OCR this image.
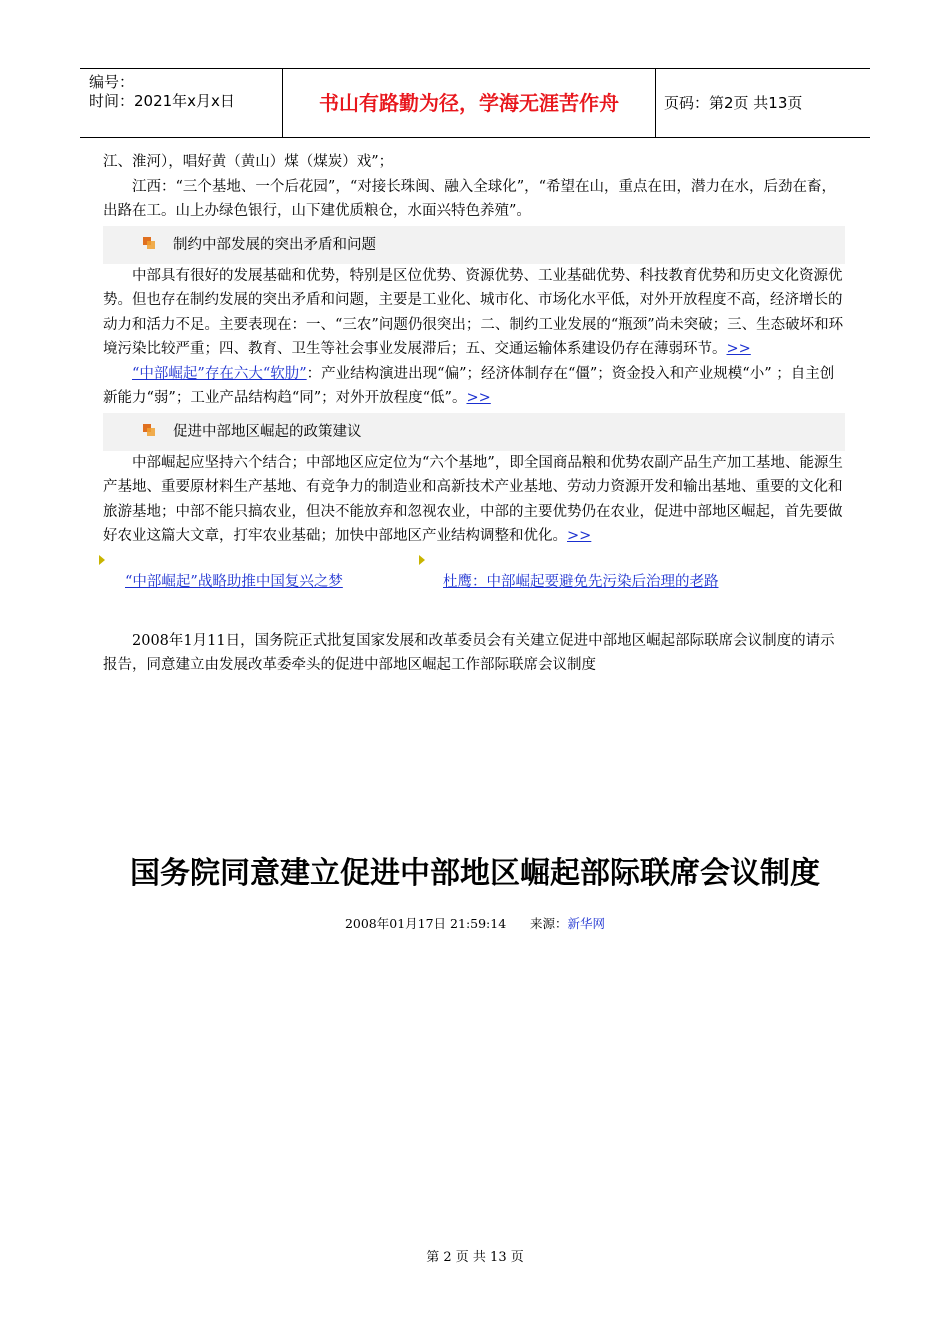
编号：
时间：2021年x月x日	书山有路勤为径，学海无涯苦作舟	页码：第2页 共13页

江、淮河），唱好黄（黄山）煤（煤炭）戏”；

江西：“三个基地、一个后花园”，“对接长珠闽、融入全球化”，“希望在山，重点在田，潜力在水，后劲在畜，出路在工。山上办绿色银行，山下建优质粮仓，水面兴特色养殖”。

制约中部发展的突出矛盾和问题

中部具有很好的发展基础和优势，特别是区位优势、资源优势、工业基础优势、科技教育优势和历史文化资源优势。但也存在制约发展的突出矛盾和问题，主要是工业化、城市化、市场化水平低，对外开放程度不高，经济增长的动力和活力不足。主要表现在：一、“三农”问题仍很突出；二、制约工业发展的“瓶颈”尚未突破；三、生态破坏和环境污染比较严重；四、教育、卫生等社会事业发展滞后；五、交通运输体系建设仍存在薄弱环节。>>

“中部崛起”存在六大“软肋”：产业结构演进出现“偏”；经济体制存在“僵”；资金投入和产业规模“小” ；自主创新能力“弱”；工业产品结构趋“同”；对外开放程度“低”。>>

促进中部地区崛起的政策建议

中部崛起应坚持六个结合；中部地区应定位为“六个基地”，即全国商品粮和优势农副产品生产加工基地、能源生产基地、重要原材料生产基地、有竞争力的制造业和高新技术产业基地、劳动力资源开发和输出基地、重要的文化和旅游基地；中部不能只搞农业，但决不能放弃和忽视农业，中部的主要优势仍在农业，促进中部地区崛起，首先要做好农业这篇大文章，打牢农业基础；加快中部地区产业结构调整和优化。>>

“中部崛起”战略助推中国复兴之梦	杜鹰：中部崛起要避免先污染后治理的老路

2008年1月11日，国务院正式批复国家发展和改革委员会有关建立促进中部地区崛起部际联席会议制度的请示报告，同意建立由发展改革委牵头的促进中部地区崛起工作部际联席会议制度

国务院同意建立促进中部地区崛起部际联席会议制度
2008年01月17日 21:59:14 来源：新华网
第 2 页 共 13 页
